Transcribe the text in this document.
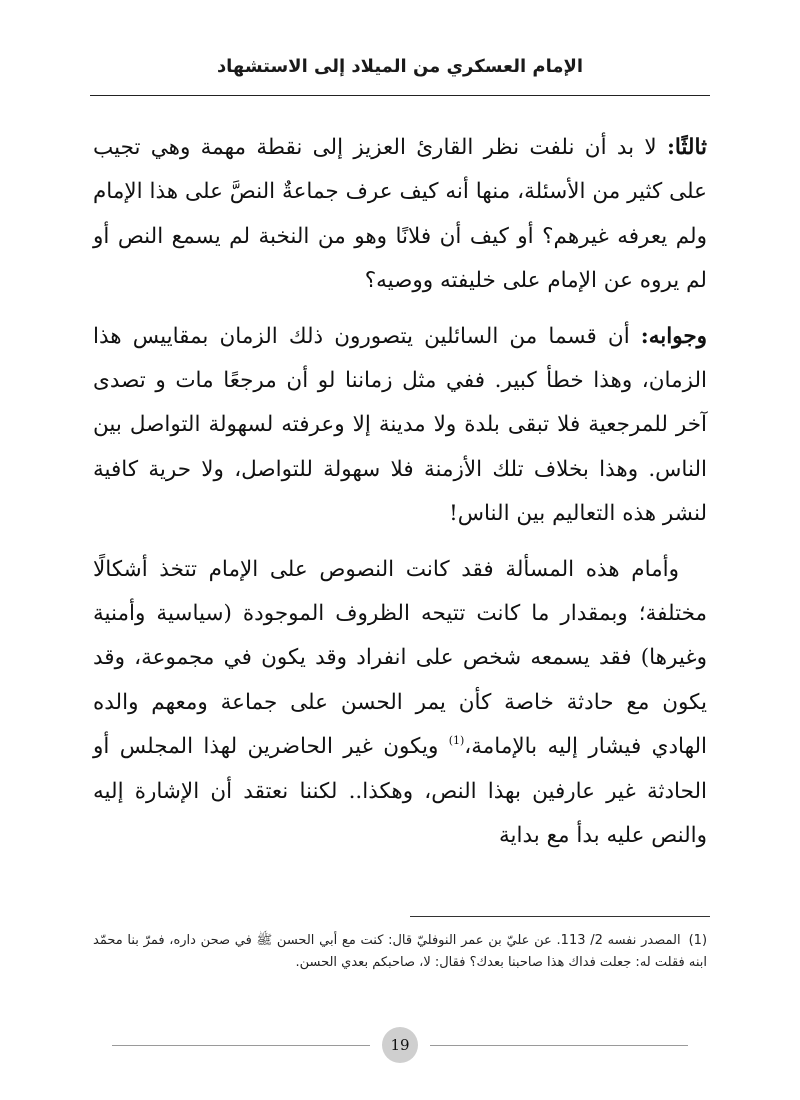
الإمام العسكري من الميلاد إلى الاستشهاد

ثالثًا: لا بد أن نلفت نظر القارئ العزيز إلى نقطة مهمة وهي تجيب على كثير من الأسئلة، منها أنه كيف عرف جماعةٌ النصَّ على هذا الإمام ولم يعرفه غيرهم؟ أو كيف أن فلانًا وهو من النخبة لم يسمع النص أو لم يروه عن الإمام على خليفته ووصيه؟

وجوابه: أن قسما من السائلين يتصورون ذلك الزمان بمقاييس هذا الزمان، وهذا خطأ كبير. ففي مثل زماننا لو أن مرجعًا مات و تصدى آخر للمرجعية فلا تبقى بلدة ولا مدينة إلا وعرفته لسهولة التواصل بين الناس. وهذا بخلاف تلك الأزمنة فلا سهولة للتواصل، ولا حرية كافية لنشر هذه التعاليم بين الناس!

وأمام هذه المسألة فقد كانت النصوص على الإمام تتخذ أشكالًا مختلفة؛ وبمقدار ما كانت تتيحه الظروف الموجودة (سياسية وأمنية وغيرها) فقد يسمعه شخص على انفراد وقد يكون في مجموعة، وقد يكون مع حادثة خاصة كأن يمر الحسن على جماعة ومعهم والده الهادي فيشار إليه بالإمامة،$^{(1)}$ ويكون غير الحاضرين لهذا المجلس أو الحادثة غير عارفين بهذا النص، وهكذا.. لكننا نعتقد أن الإشارة إليه والنص عليه بدأ مع بداية

(1)المصدر نفسه 2/ 113. عن عليّ بن عمر النوفليّ قال: كنت مع أبي الحسن ﷺ في صحن داره، فمرّ بنا محمّد ابنه فقلت له: جعلت فداك هذا صاحبنا بعدك؟ فقال: لا، صاحبكم بعدي الحسن.
19
